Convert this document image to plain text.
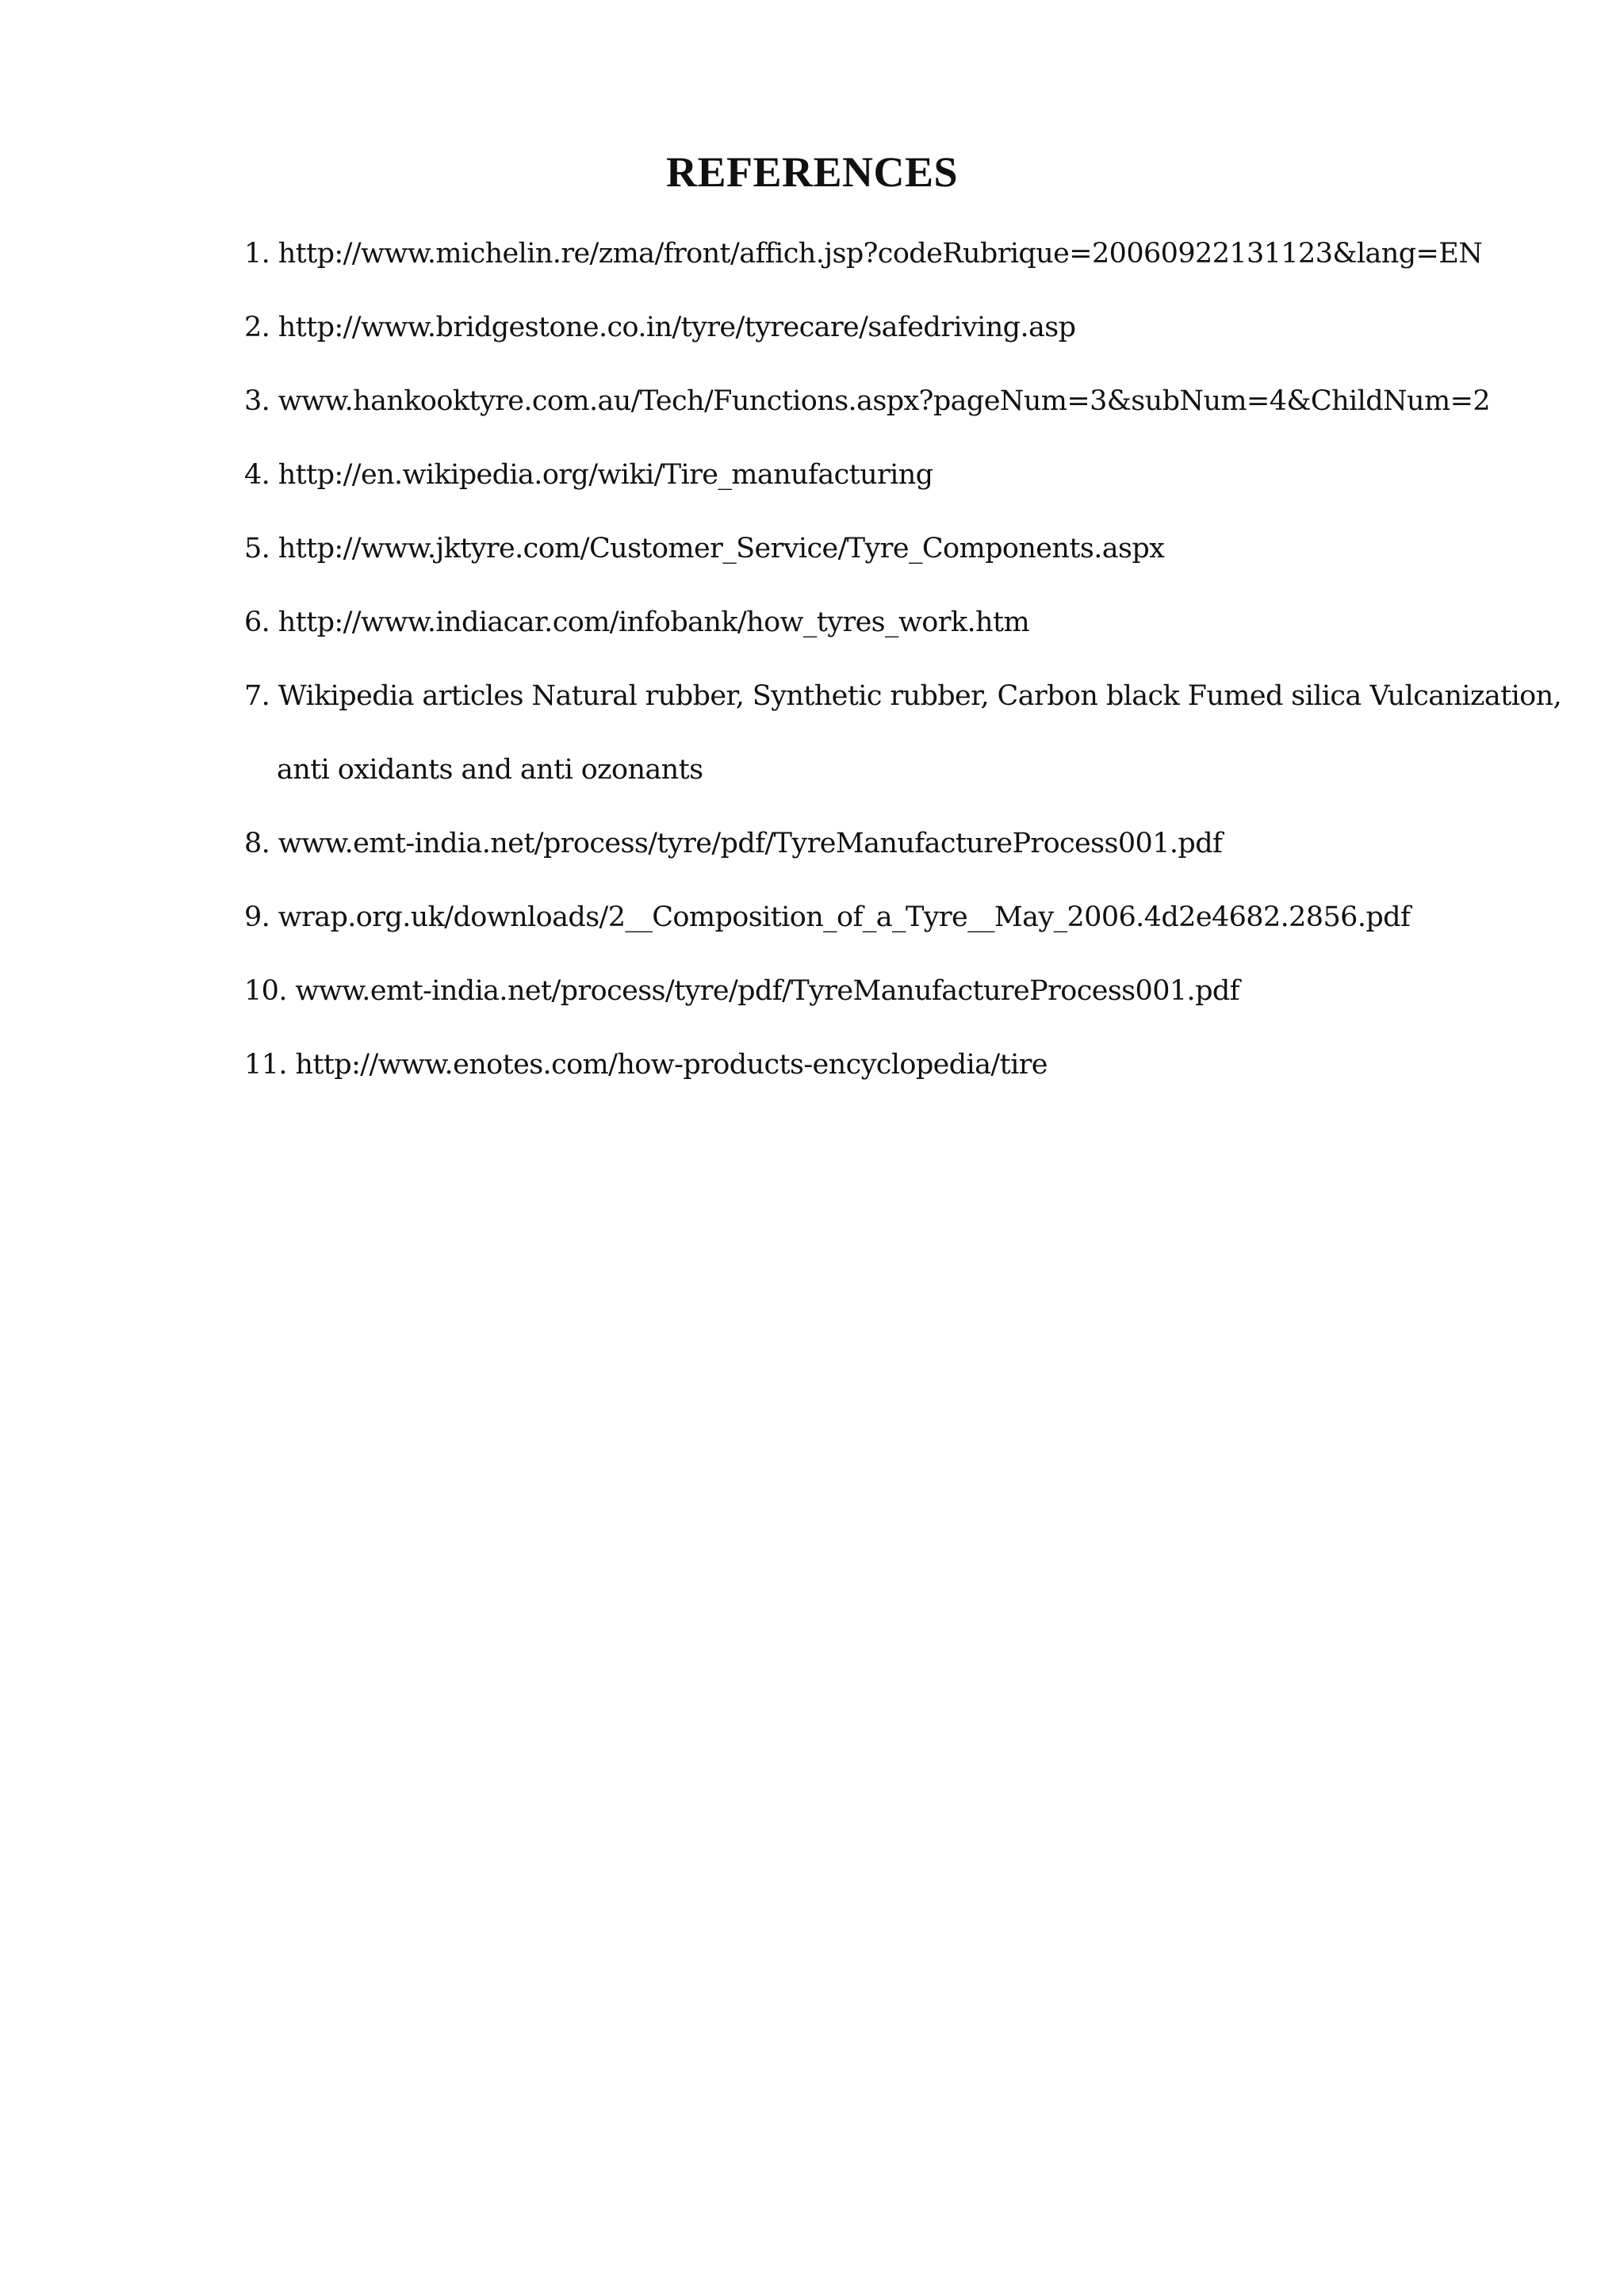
REFERENCES
1. http://www.michelin.re/zma/front/affich.jsp?codeRubrique=20060922131123&lang=EN
2. http://www.bridgestone.co.in/tyre/tyrecare/safedriving.asp
3. www.hankooktyre.com.au/Tech/Functions.aspx?pageNum=3&subNum=4&ChildNum=2
4. http://en.wikipedia.org/wiki/Tire_manufacturing
5. http://www.jktyre.com/Customer_Service/Tyre_Components.aspx
6. http://www.indiacar.com/infobank/how_tyres_work.htm
7. Wikipedia articles Natural rubber, Synthetic rubber, Carbon black Fumed silica Vulcanization,
anti oxidants and anti ozonants
8. www.emt-india.net/process/tyre/pdf/TyreManufactureProcess001.pdf
9. wrap.org.uk/downloads/2__Composition_of_a_Tyre__May_2006.4d2e4682.2856.pdf
10. www.emt-india.net/process/tyre/pdf/TyreManufactureProcess001.pdf
11. http://www.enotes.com/how-products-encyclopedia/tire
